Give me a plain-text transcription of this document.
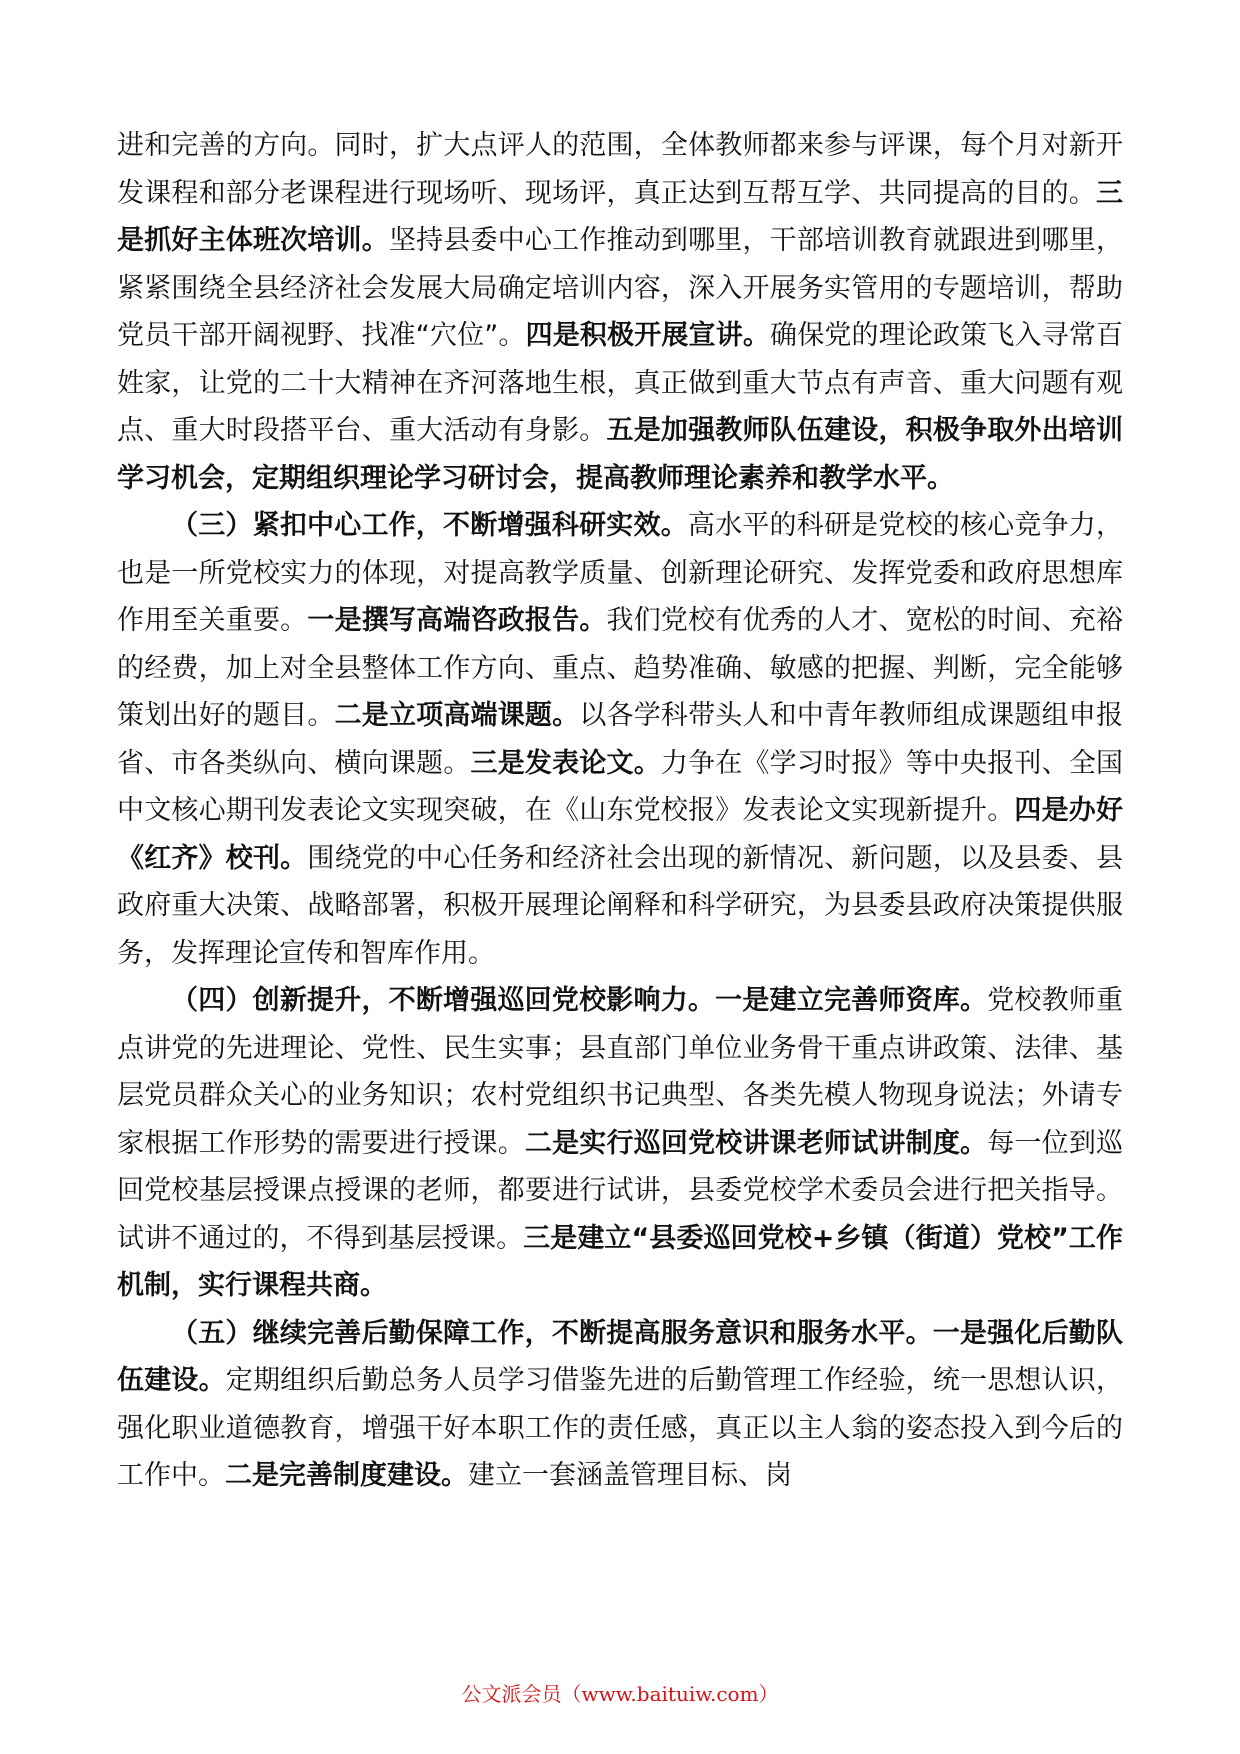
进和完善的方向。同时，扩大点评人的范围，全体教师都来参与评课，每个月对新开发课程和部分老课程进行现场听、现场评，真正达到互帮互学、共同提高的目的。三是抓好主体班次培训。坚持县委中心工作推动到哪里，干部培训教育就跟进到哪里，紧紧围绕全县经济社会发展大局确定培训内容，深入开展务实管用的专题培训，帮助党员干部开阔视野、找准“穴位”。四是积极开展宣讲。确保党的理论政策飞入寻常百姓家，让党的二十大精神在齐河落地生根，真正做到重大节点有声音、重大问题有观点、重大时段搭平台、重大活动有身影。五是加强教师队伍建设，积极争取外出培训学习机会，定期组织理论学习研讨会，提高教师理论素养和教学水平。

（三）紧扣中心工作，不断增强科研实效。高水平的科研是党校的核心竞争力，也是一所党校实力的体现，对提高教学质量、创新理论研究、发挥党委和政府思想库作用至关重要。一是撰写高端咨政报告。我们党校有优秀的人才、宽松的时间、充裕的经费，加上对全县整体工作方向、重点、趋势准确、敏感的把握、判断，完全能够策划出好的题目。二是立项高端课题。以各学科带头人和中青年教师组成课题组申报省、市各类纵向、横向课题。三是发表论文。力争在《学习时报》等中央报刊、全国中文核心期刊发表论文实现突破，在《山东党校报》发表论文实现新提升。四是办好《红齐》校刊。围绕党的中心任务和经济社会出现的新情况、新问题，以及县委、县政府重大决策、战略部署，积极开展理论阐释和科学研究，为县委县政府决策提供服务，发挥理论宣传和智库作用。

（四）创新提升，不断增强巡回党校影响力。一是建立完善师资库。党校教师重点讲党的先进理论、党性、民生实事；县直部门单位业务骨干重点讲政策、法律、基层党员群众关心的业务知识；农村党组织书记典型、各类先模人物现身说法；外请专家根据工作形势的需要进行授课。二是实行巡回党校讲课老师试讲制度。每一位到巡回党校基层授课点授课的老师，都要进行试讲，县委党校学术委员会进行把关指导。试讲不通过的，不得到基层授课。三是建立“县委巡回党校+乡镇（街道）党校”工作机制，实行课程共商。

（五）继续完善后勤保障工作，不断提高服务意识和服务水平。一是强化后勤队伍建设。定期组织后勤总务人员学习借鉴先进的后勤管理工作经验，统一思想认识，强化职业道德教育，增强干好本职工作的责任感，真正以主人翁的姿态投入到今后的工作中。二是完善制度建设。建立一套涵盖管理目标、岗

公文派会员（www.baituiw.com）
